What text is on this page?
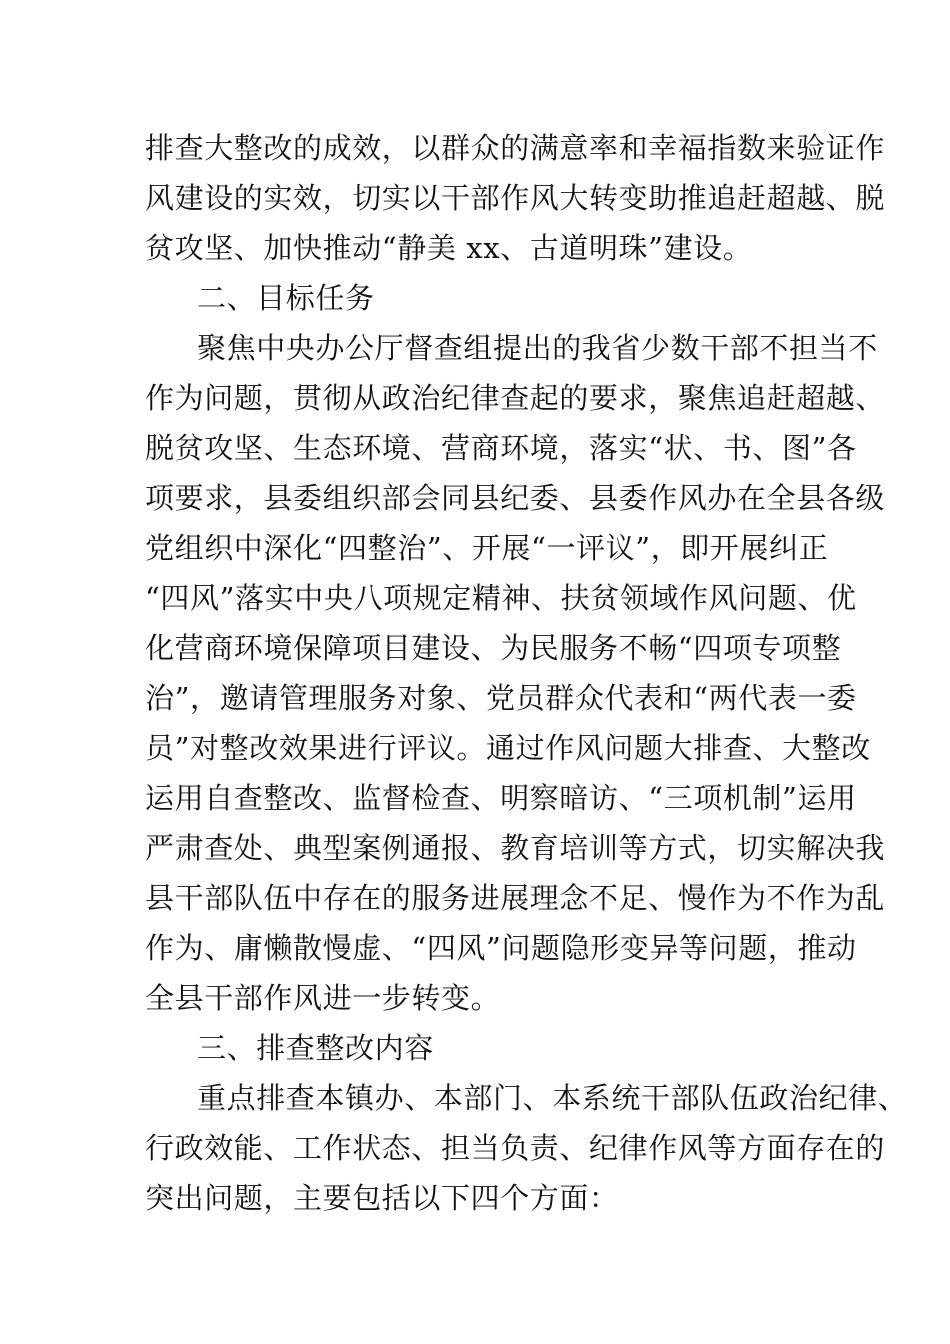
排查大整改的成效，以群众的满意率和幸福指数来验证作
风建设的实效，切实以干部作风大转变助推追赶超越、脱
贫攻坚、加快推动“静美 xx、古道明珠”建设。
二、目标任务
聚焦中央办公厅督查组提出的我省少数干部不担当不
作为问题，贯彻从政治纪律查起的要求，聚焦追赶超越、
脱贫攻坚、生态环境、营商环境，落实“状、书、图”各
项要求，县委组织部会同县纪委、县委作风办在全县各级
党组织中深化“四整治”、开展“一评议”，即开展纠正
“四风”落实中央八项规定精神、扶贫领域作风问题、优
化营商环境保障项目建设、为民服务不畅“四项专项整
治”，邀请管理服务对象、党员群众代表和“两代表一委
员”对整改效果进行评议。通过作风问题大排查、大整改
运用自查整改、监督检查、明察暗访、“三项机制”运用
严肃查处、典型案例通报、教育培训等方式，切实解决我
县干部队伍中存在的服务进展理念不足、慢作为不作为乱
作为、庸懒散慢虚、“四风”问题隐形变异等问题，推动
全县干部作风进一步转变。
三、排查整改内容
重点排查本镇办、本部门、本系统干部队伍政治纪律、
行政效能、工作状态、担当负责、纪律作风等方面存在的
突出问题，主要包括以下四个方面：
